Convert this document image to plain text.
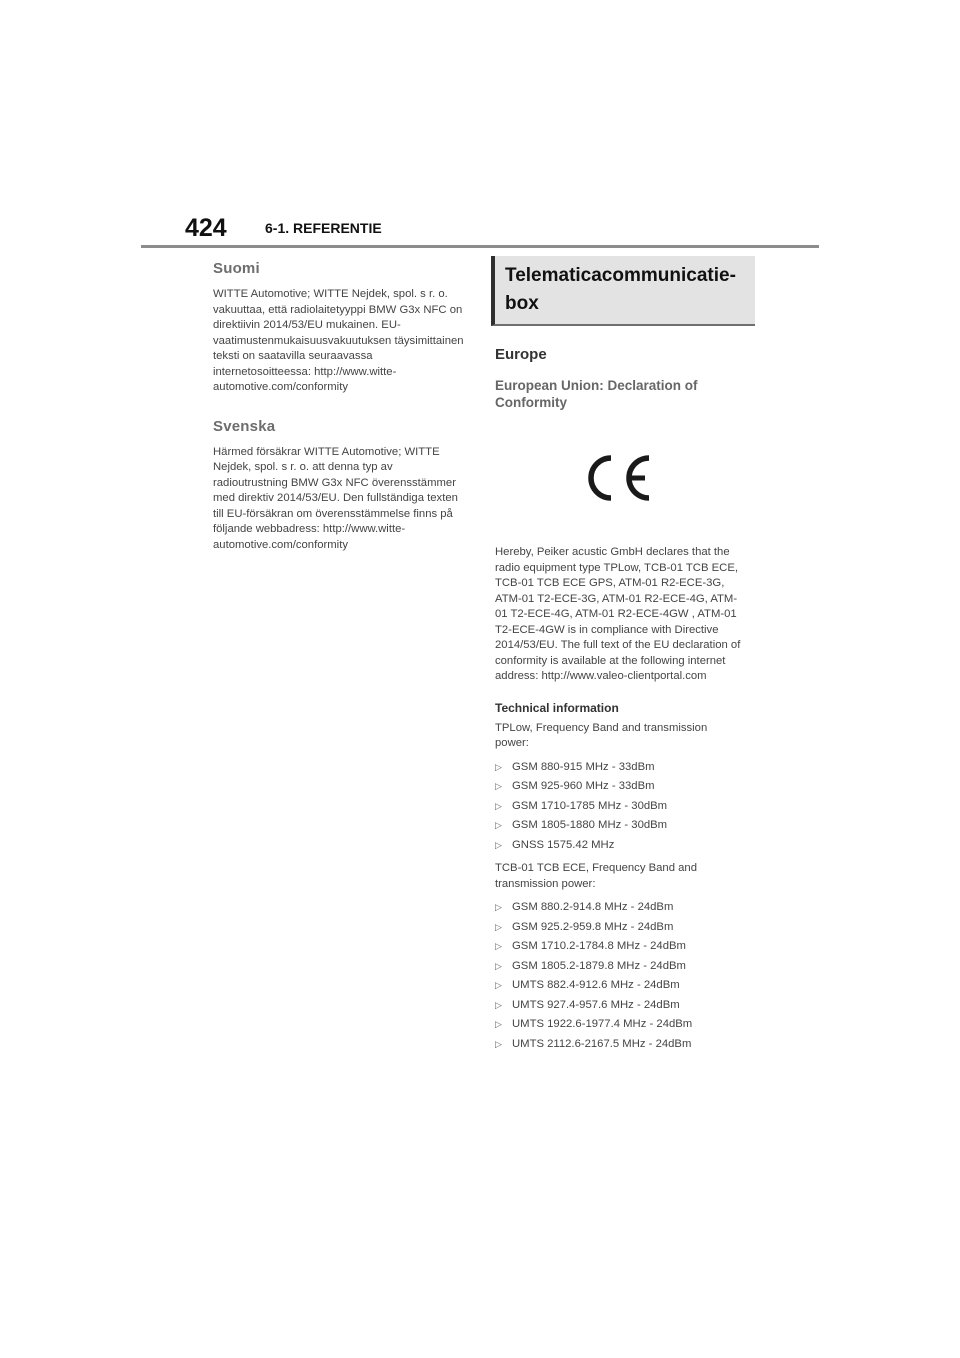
424	6-1. REFERENTIE
Suomi

WITTE Automotive; WITTE Nejdek, spol. s r. o. vakuuttaa, että radiolaitetyyppi BMW G3x NFC on direktiivin 2014/53/EU mukainen. EU-vaatimustenmukaisuusvakuutuksen täysimittainen teksti on saatavilla seuraavassa internetosoitteessa: http://www.witte-automotive.com/conformity

Svenska

Härmed försäkrar WITTE Automotive; WITTE Nejdek, spol. s r. o. att denna typ av radioutrustning BMW G3x NFC överensstämmer med direktiv 2014/53/EU. Den fullständiga texten till EU-försäkran om överensstämmelse finns på följande webbadress: http://www.witte-automotive.com/conformity

Telematicacommunicatie-box
Europe
European Union: Declaration of Conformity

Hereby, Peiker acustic GmbH declares that the radio equipment type TPLow, TCB-01 TCB ECE, TCB-01 TCB ECE GPS, ATM-01 R2-ECE-3G, ATM-01 T2-ECE-3G, ATM-01 R2-ECE-4G, ATM-01 T2-ECE-4G, ATM-01 R2-ECE-4GW , ATM-01 T2-ECE-4GW is in compliance with Directive 2014/53/EU. The full text of the EU declaration of conformity is available at the following internet address: http://www.valeo-clientportal.com

Technical information

TPLow, Frequency Band and transmission power:

▷ GSM 880-915 MHz - 33dBm
▷ GSM 925-960 MHz - 33dBm
▷ GSM 1710-1785 MHz - 30dBm
▷ GSM 1805-1880 MHz - 30dBm
▷ GNSS 1575.42 MHz

TCB-01 TCB ECE, Frequency Band and transmission power:

▷ GSM 880.2-914.8 MHz - 24dBm
▷ GSM 925.2-959.8 MHz - 24dBm
▷ GSM 1710.2-1784.8 MHz - 24dBm
▷ GSM 1805.2-1879.8 MHz - 24dBm
▷ UMTS 882.4-912.6 MHz - 24dBm
▷ UMTS 927.4-957.6 MHz - 24dBm
▷ UMTS 1922.6-1977.4 MHz - 24dBm
▷ UMTS 2112.6-2167.5 MHz - 24dBm
